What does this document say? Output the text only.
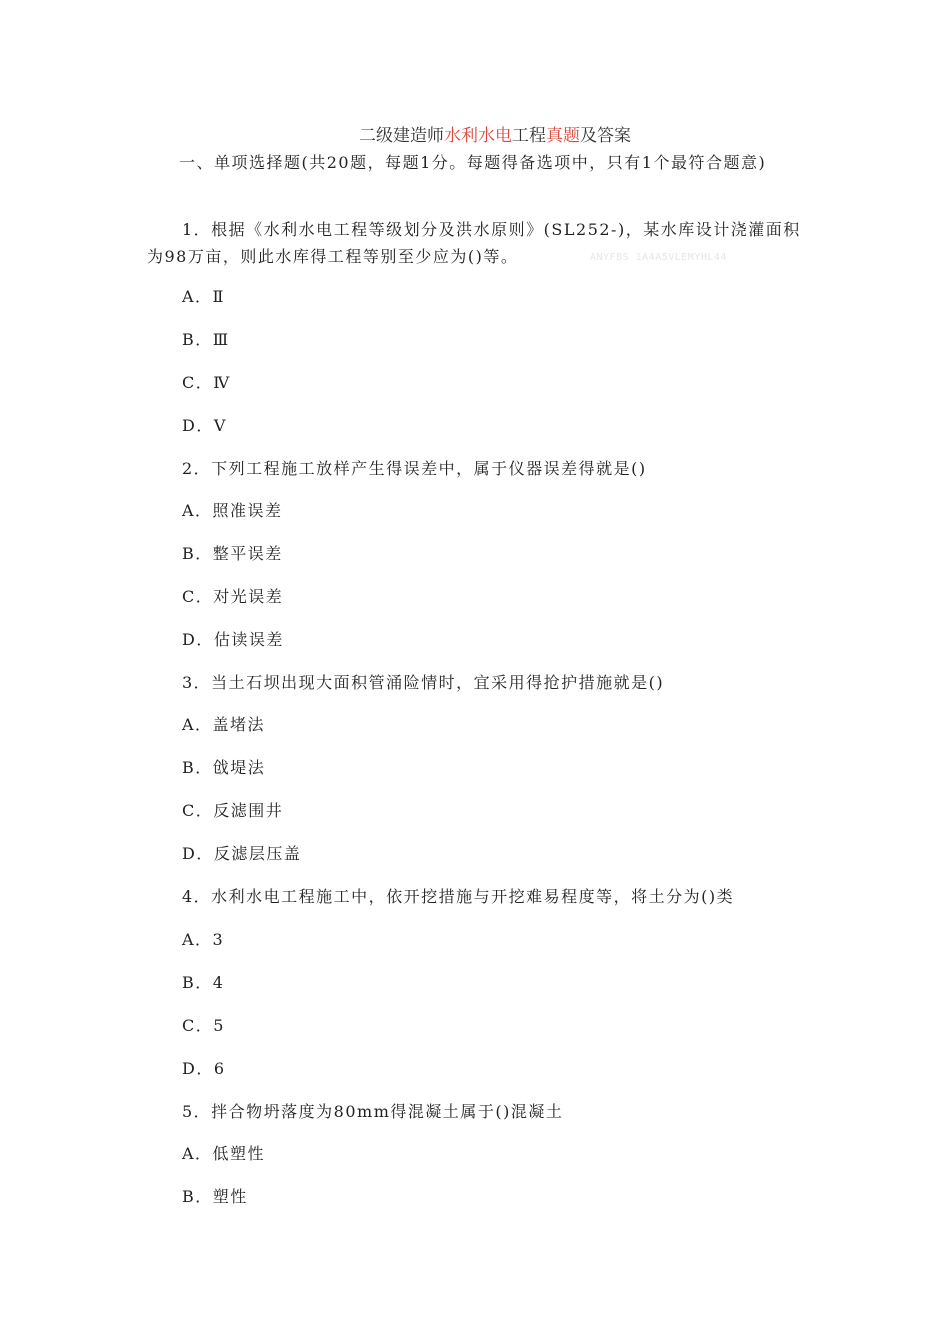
二级建造师水利水电工程真题及答案
一、单项选择题(共20题，每题1分。每题得备选项中，只有1个最符合题意)
1．根据《水利水电工程等级划分及洪水原则》(SL252-)，某水库设计浇灌面积为98万亩，则此水库得工程等别至少应为()等。	ANYFBS 1A4A5VLEMYHL44
A．Ⅱ
B．Ⅲ
C．Ⅳ
D．Ⅴ
2．下列工程施工放样产生得误差中，属于仪器误差得就是()
A．照准误差
B．整平误差
C．对光误差
D．估读误差
3．当土石坝出现大面积管涌险情时，宜采用得抢护措施就是()
A．盖堵法
B．戗堤法
C．反滤围井
D．反滤层压盖
4．水利水电工程施工中，依开挖措施与开挖难易程度等，将土分为()类
A．3
B．4
C．5
D．6
5．拌合物坍落度为80mm得混凝土属于()混凝土
A．低塑性
B．塑性
